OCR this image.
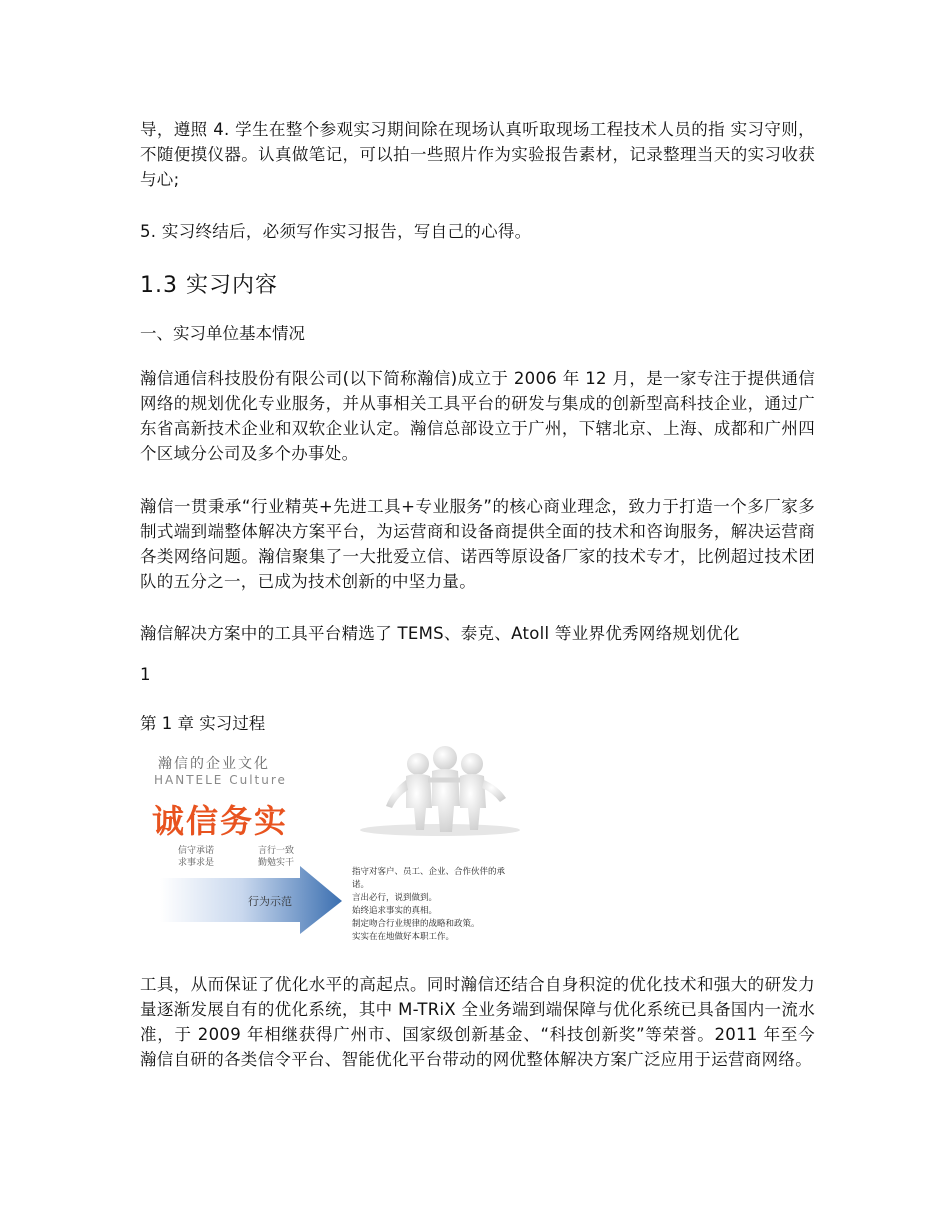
导，遵照 4. 学生在整个参观实习期间除在现场认真听取现场工程技术人员的指 实习守则，不随便摸仪器。认真做笔记，可以拍一些照片作为实验报告素材，记录整理当天的实习收获与心;

5. 实习终结后，必须写作实习报告，写自己的心得。

1.3 实习内容

一、实习单位基本情况

瀚信通信科技股份有限公司(以下简称瀚信)成立于 2006 年 12 月，是一家专注于提供通信网络的规划优化专业服务，并从事相关工具平台的研发与集成的创新型高科技企业，通过广东省高新技术企业和双软企业认定。瀚信总部设立于广州，下辖北京、上海、成都和广州四个区域分公司及多个办事处。

瀚信一贯秉承“行业精英+先进工具+专业服务”的核心商业理念，致力于打造一个多厂家多制式端到端整体解决方案平台，为运营商和设备商提供全面的技术和咨询服务，解决运营商各类网络问题。瀚信聚集了一大批爱立信、诺西等原设备厂家的技术专才，比例超过技术团队的五分之一，已成为技术创新的中坚力量。

瀚信解决方案中的工具平台精选了 TEMS、泰克、Atoll 等业界优秀网络规划优化

1

第 1 章 实习过程

瀚信的企业文化
HANTELE Culture
诚信务实
信守承诺	言行一致
求事求是	勤勉实干
行为示范
指守对客户、员工、企业、合作伙伴的承
诺。
言出必行，说到做到。
始终追求事实的真相。
制定吻合行业规律的战略和政策。
实实在在地做好本职工作。

工具，从而保证了优化水平的高起点。同时瀚信还结合自身积淀的优化技术和强大的研发力量逐渐发展自有的优化系统，其中 M-TRiX 全业务端到端保障与优化系统已具备国内一流水准，于 2009 年相继获得广州市、国家级创新基金、“科技创新奖”等荣誉。2011 年至今瀚信自研的各类信令平台、智能优化平台带动的网优整体解决方案广泛应用于运营商网络。
